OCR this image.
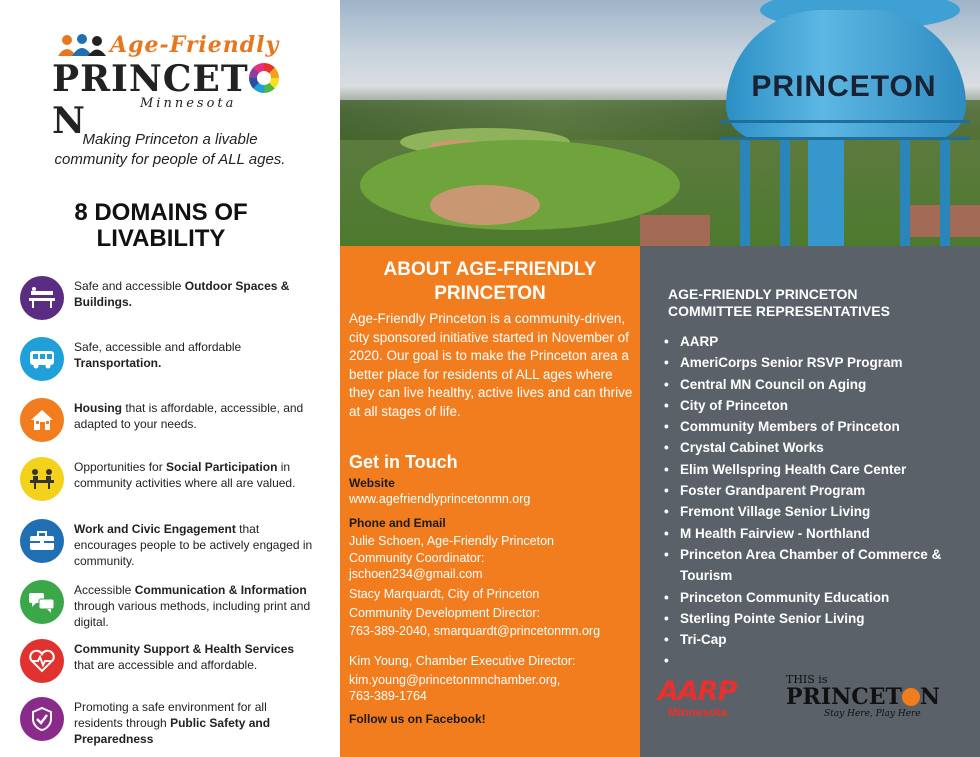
Age-Friendly
PRINCETN	Minnesota
Making Princeton a livable
community for people of ALL ages.
8 DOMAINS OF
LIVABILITY
Safe and accessible Outdoor Spaces & Buildings.
Safe, accessible and affordable Transportation.
Housing that is affordable, accessible, and adapted to your needs.
Opportunities for Social Participation in community activities where all are valued.
Work and Civic Engagement that encourages people to be actively engaged in community.
Accessible Communication & Information through various methods, including print and digital.
Community Support & Health Services that are accessible and affordable.
Promoting a safe environment for all residents through Public Safety and Preparedness
PRINCETON
ABOUT AGE-FRIENDLY
PRINCETON
Age-Friendly Princeton is a community-driven, city sponsored initiative started in November of 2020. Our goal is to make the Princeton area a better place for residents of ALL ages where they can live healthy, active lives and can thrive at all stages of life.
Get in Touch
Website
www.agefriendlyprincetonmn.org
Phone and Email
Julie Schoen, Age-Friendly Princeton
Community Coordinator:
jschoen234@gmail.com
Stacy Marquardt, City of Princeton
Community Development Director:
763-389-2040, smarquardt@princetonmn.org
Kim Young, Chamber Executive Director:
kim.young@princetonmnchamber.org,
763-389-1764
Follow us on Facebook!
AGE-FRIENDLY PRINCETON
COMMITTEE REPRESENTATIVES
• AARP
• AmeriCorps Senior RSVP Program
• Central MN Council on Aging
• City of Princeton
• Community Members of Princeton
• Crystal Cabinet Works
• Elim Wellspring Health Care Center
• Foster Grandparent Program
• Fremont Village Senior Living
• M Health Fairview - Northland
• Princeton Area Chamber of Commerce & Tourism
• Princeton Community Education
• Sterling Pointe Senior Living
• Tri-Cap
•
AARP
Minnesota
THIS is
PRINCET N
Stay Here, Play Here
